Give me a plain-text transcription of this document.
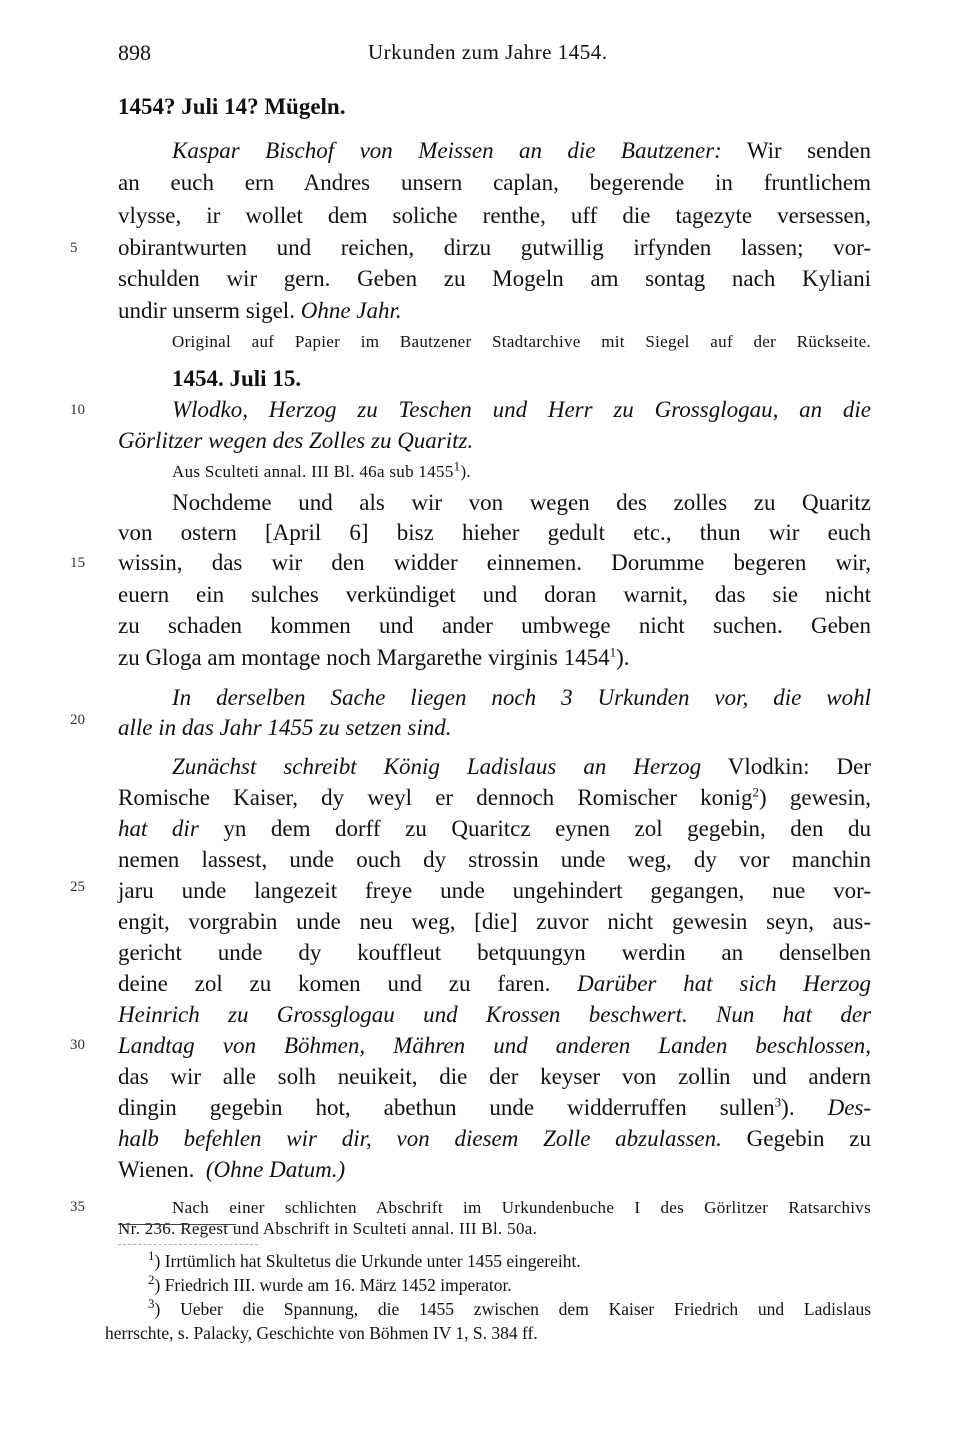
898	Urkunden zum Jahre 1454.
5
10
15
20
25
30
35
1454? Juli 14? Mügeln.
Kaspar Bischof von Meissen an die Bautzener: Wir senden
an euch ern Andres unsern caplan, begerende in fruntlichem
vlysse, ir wollet dem soliche renthe, uff die tagezyte versessen,
obirantwurten und reichen, dirzu gutwillig irfynden lassen; vor-
schulden wir gern. Geben zu Mogeln am sontag nach Kyliani
undir unserm sigel. Ohne Jahr.
Original auf Papier im Bautzener Stadtarchive mit Siegel auf der Rückseite.
1454. Juli 15.
Wlodko, Herzog zu Teschen und Herr zu Grossglogau, an die
Görlitzer wegen des Zolles zu Quaritz.
Aus Sculteti annal. III Bl. 46a sub 1455$^1$).
Nochdeme und als wir von wegen des zolles zu Quaritz
von ostern [April 6] bisz hieher gedult etc., thun wir euch
wissin, das wir den widder einnemen. Dorumme begeren wir,
euern ein sulches verkündiget und doran warnit, das sie nicht
zu schaden kommen und ander umbwege nicht suchen. Geben
zu Gloga am montage noch Margarethe virginis 1454$^1$).
In derselben Sache liegen noch 3 Urkunden vor, die wohl
alle in das Jahr 1455 zu setzen sind.
Zunächst schreibt König Ladislaus an Herzog Vlodkin: Der
Romische Kaiser, dy weyl er dennoch Romischer konig$^2$) gewesin,
hat dir yn dem dorff zu Quaritcz eynen zol gegebin, den du
nemen lassest, unde ouch dy strossin unde weg, dy vor manchin
jaru unde langezeit freye unde ungehindert gegangen, nue vor-
engit, vorgrabin unde neu weg, [die] zuvor nicht gewesin seyn, aus-
gericht unde dy kouffleut betquungyn werdin an denselben
deine zol zu komen und zu faren. Darüber hat sich Herzog
Heinrich zu Grossglogau und Krossen beschwert. Nun hat der
Landtag von Böhmen, Mähren und anderen Landen beschlossen,
das wir alle solh neuikeit, die der keyser von zollin und andern
dingin gegebin hot, abethun unde widderruffen sullen$^3$). Des-
halb befehlen wir dir, von diesem Zolle abzulassen. Gegebin zu
Wienen. (Ohne Datum.)
Nach einer schlichten Abschrift im Urkundenbuche I des Görlitzer Ratsarchivs
Nr. 236. Regest und Abschrift in Sculteti annal. III Bl. 50a.
$^1$) Irrtümlich hat Skultetus die Urkunde unter 1455 eingereiht.
$^2$) Friedrich III. wurde am 16. März 1452 imperator.
$^3$) Ueber die Spannung, die 1455 zwischen dem Kaiser Friedrich und Ladislaus
herrschte, s. Palacky, Geschichte von Böhmen IV 1, S. 384 ff.
